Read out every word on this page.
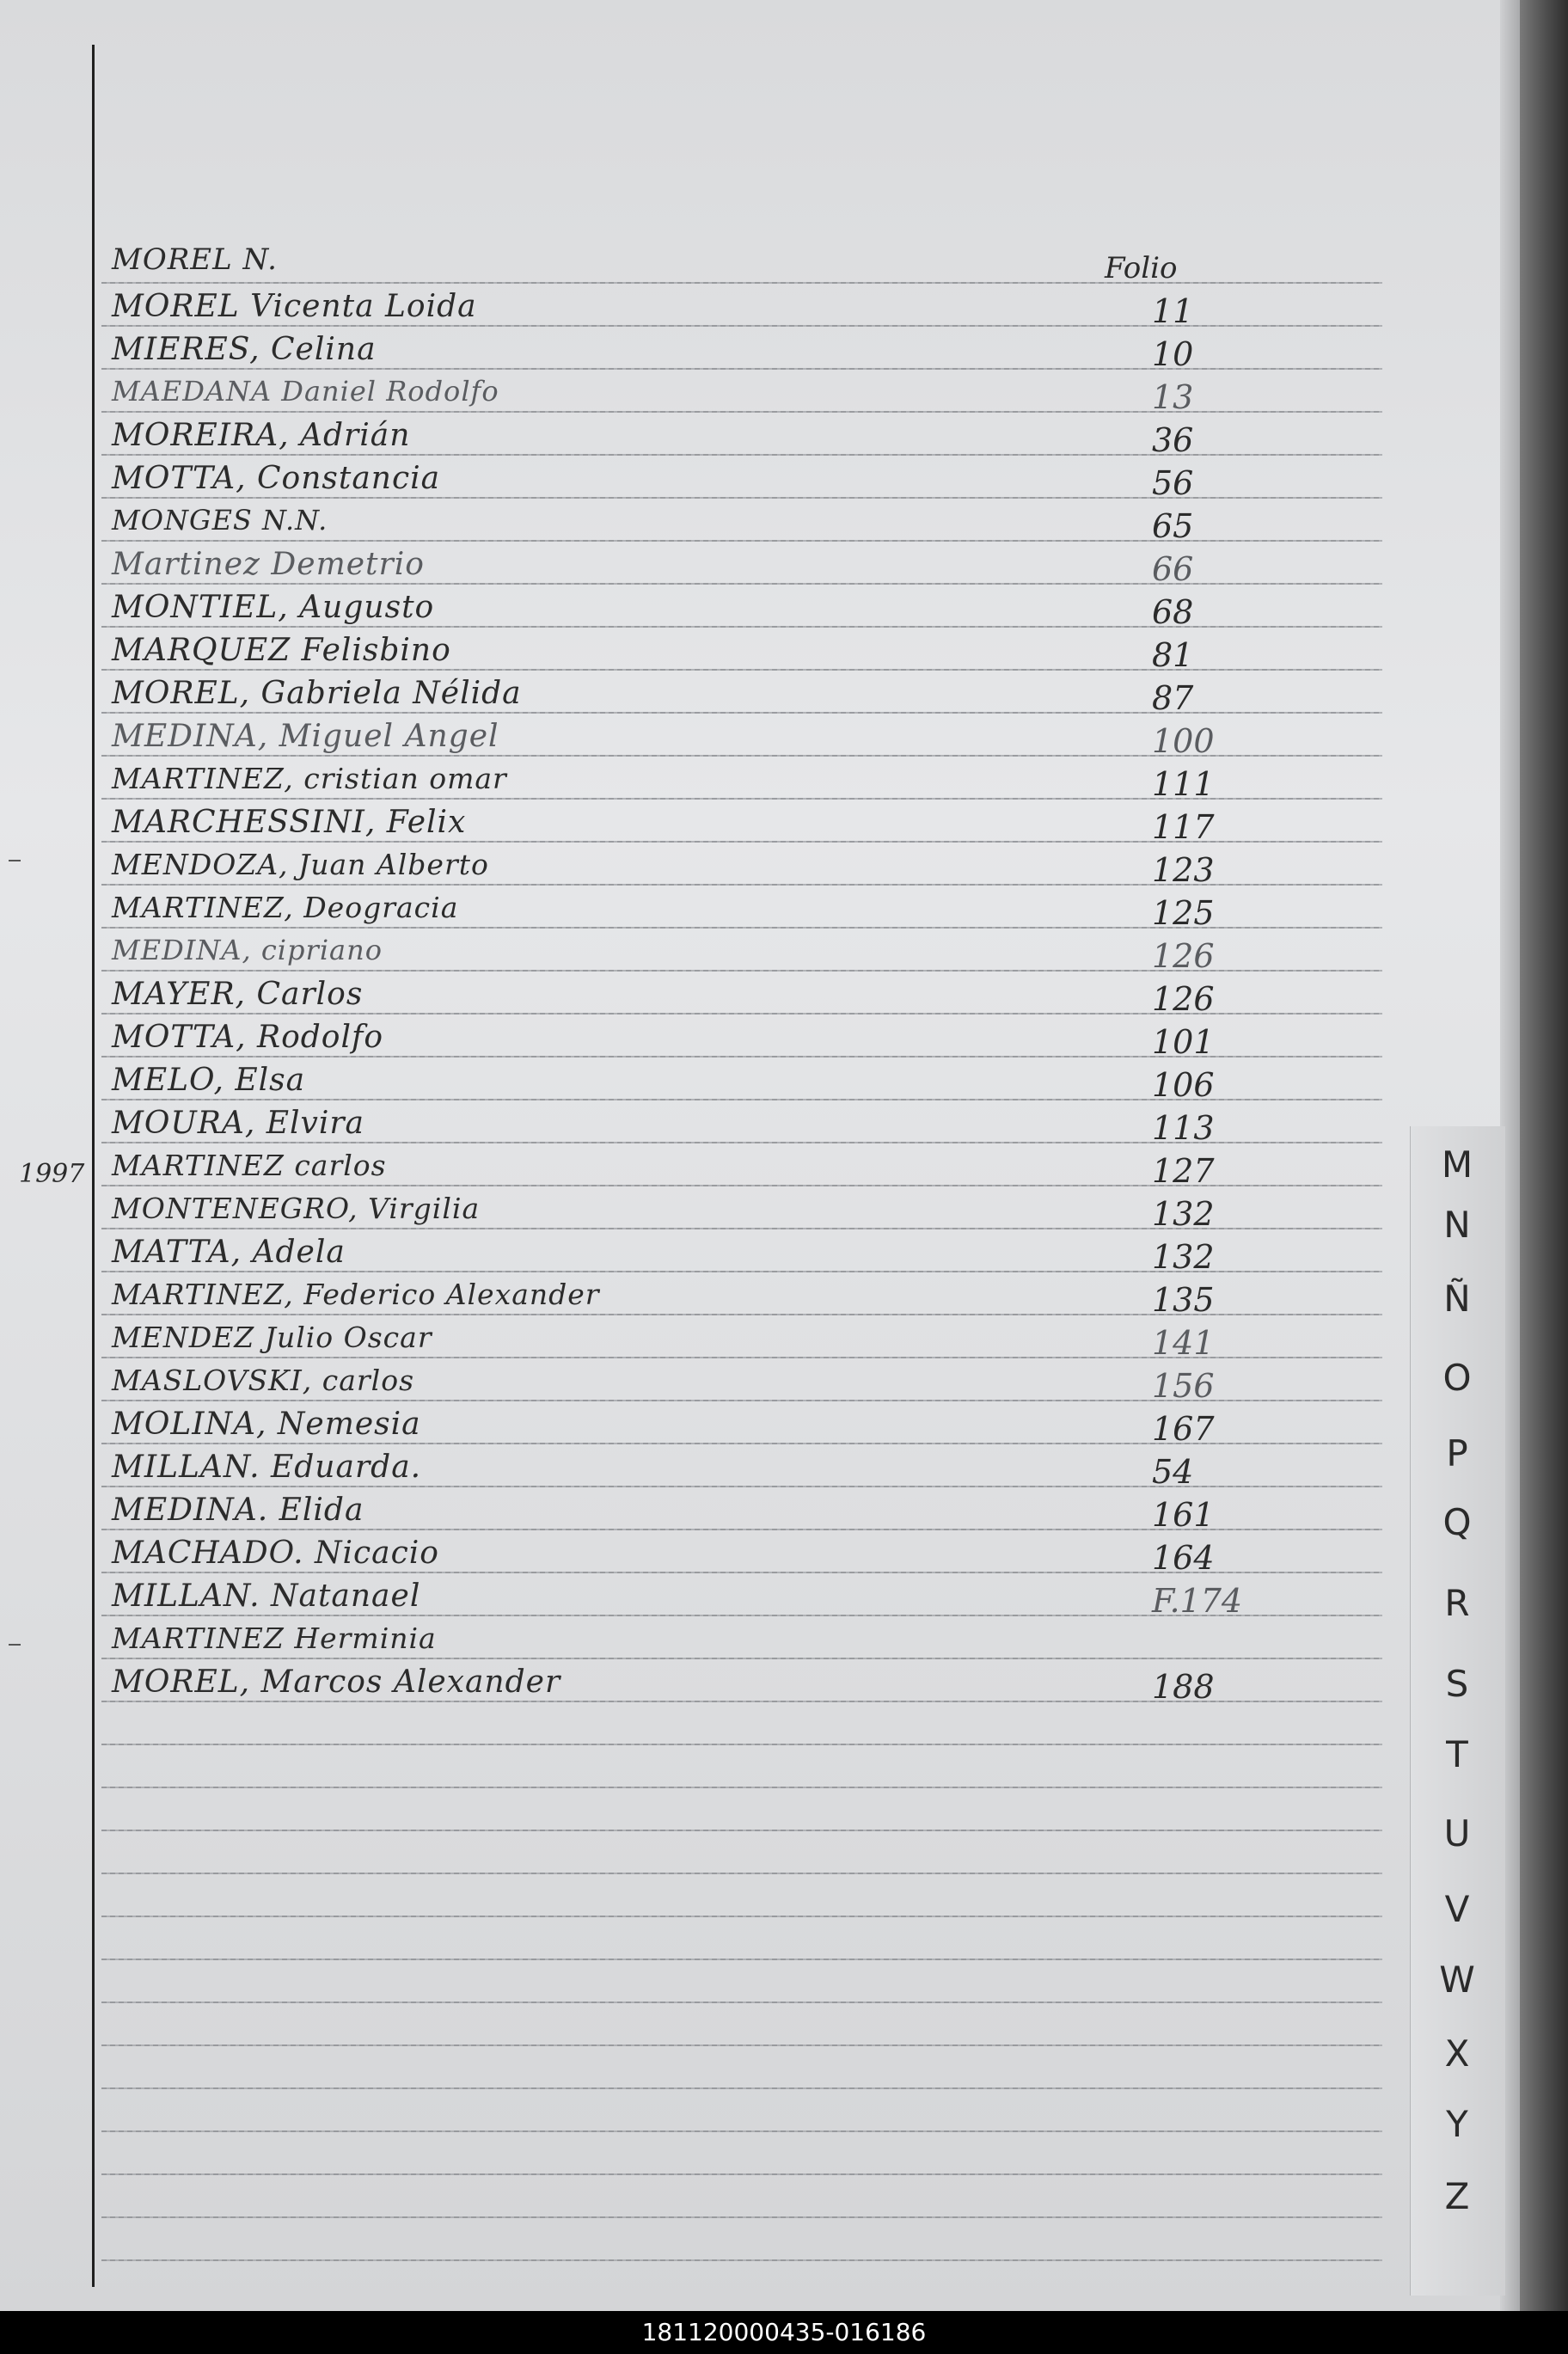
MOREL N.	Folio
MOREL Vicenta Loida	11
MIERES, Celina	10
MAEDANA Daniel Rodolfo	13
MOREIRA, Adrián	36
MOTTA, Constancia	56
MONGES N.N.	65
Martinez Demetrio	66
MONTIEL, Augusto	68
MARQUEZ Felisbino	81
MOREL, Gabriela Nélida	87
MEDINA, Miguel Angel	100
MARTINEZ, cristian omar	111
MARCHESSINI, Felix	117
MENDOZA, Juan Alberto	123
MARTINEZ, Deogracia	125
MEDINA, cipriano	126
MAYER, Carlos	126
MOTTA, Rodolfo	101
MELO, Elsa	106
MOURA, Elvira	113
MARTINEZ carlos	127
MONTENEGRO, Virgilia	132
MATTA, Adela	132
MARTINEZ, Federico Alexander	135
MENDEZ Julio Oscar	141
MASLOVSKI, carlos	156
MOLINA, Nemesia	167
MILLAN. Eduarda.	54
MEDINA. Elida	161
MACHADO. Nicacio	164
MILLAN. Natanael	F.174
MARTINEZ Herminia
MOREL, Marcos Alexander	188
1997	M
N
Ñ
O
P
Q
R
S
T
U
V
W
X
Y
Z
181120000435-016186
